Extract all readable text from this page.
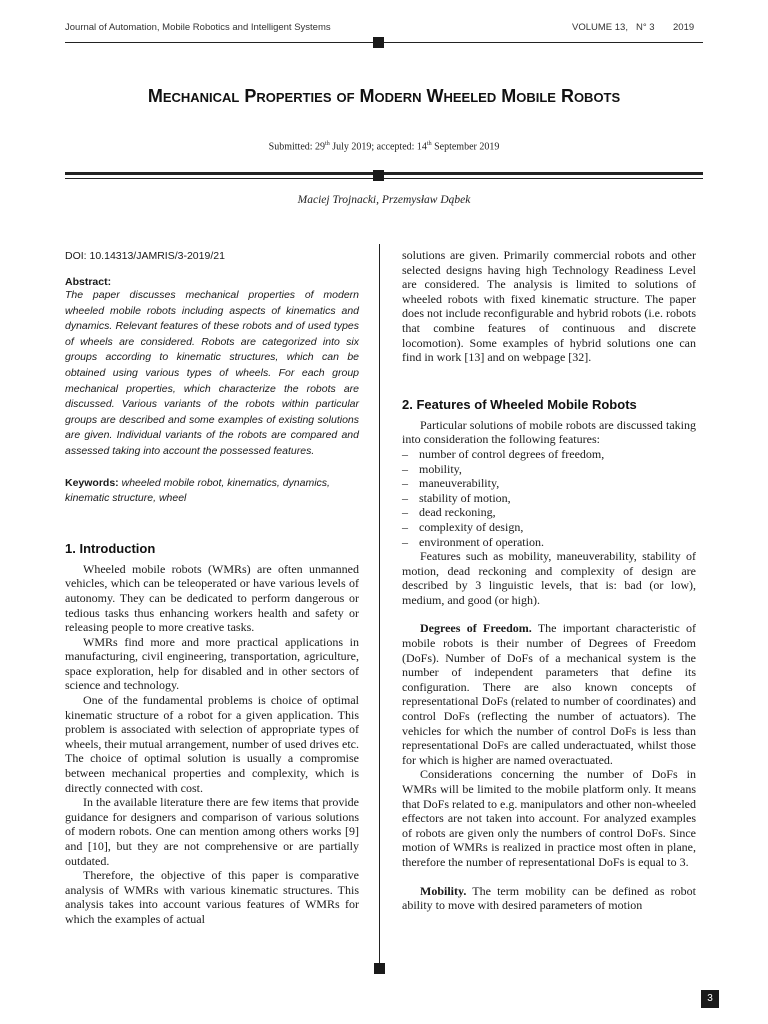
Journal of Automation, Mobile Robotics and Intelligent Systems	VOLUME 13, N° 3 2019
Mechanical Properties of Modern Wheeled Mobile Robots
Submitted: 29th July 2019; accepted: 14th September 2019
Maciej Trojnacki, Przemysław Dąbek
DOI: 10.14313/JAMRIS/3-2019/21

Abstract:

The paper discusses mechanical properties of modern wheeled mobile robots including aspects of kinematics and dynamics. Relevant features of these robots and of used types of wheels are considered. Robots are categorized into six groups according to kinematic structures, which can be obtained using various types of wheels. For each group mechanical properties, which characterize the robots are discussed. Various variants of the robots within particular groups are described and some examples of existing solutions are given. Individual variants of the robots are compared and assessed taking into account the possessed features.

Keywords: wheeled mobile robot, kinematics, dynamics, kinematic structure, wheel

1. Introduction

Wheeled mobile robots (WMRs) are often unmanned vehicles, which can be teleoperated or have various levels of autonomy. They can be dedicated to perform dangerous or tedious tasks thus enhancing workers health and safety or releasing people to more creative tasks.

WMRs find more and more practical applications in manufacturing, civil engineering, transportation, agriculture, space exploration, help for disabled and in other sectors of science and technology.

One of the fundamental problems is choice of optimal kinematic structure of a robot for a given application. This problem is associated with selection of appropriate types of wheels, their mutual arrangement, number of used drives etc. The choice of optimal solution is usually a compromise between mechanical properties and complexity, which is directly connected with cost.

In the available literature there are few items that provide guidance for designers and comparison of various solutions of modern robots. One can mention among others works [9] and [10], but they are not comprehensive or are partially outdated.

Therefore, the objective of this paper is comparative analysis of WMRs with various kinematic structures. This analysis takes into account various features of WMRs for which the examples of actual

solutions are given. Primarily commercial robots and other selected designs having high Technology Readiness Level are considered. The analysis is limited to solutions of wheeled robots with fixed kinematic structure. The paper does not include reconfigurable and hybrid robots (i.e. robots that combine features of continuous and discrete locomotion). Some examples of hybrid solutions one can find in work [13] and on webpage [32].

2. Features of Wheeled Mobile Robots

Particular solutions of mobile robots are discussed taking into consideration the following features:

– number of control degrees of freedom,
– mobility,
– maneuverability,
– stability of motion,
– dead reckoning,
– complexity of design,
– environment of operation.

Features such as mobility, maneuverability, stability of motion, dead reckoning and complexity of design are described by 3 linguistic levels, that is: bad (or low), medium, and good (or high).

Degrees of Freedom. The important characteristic of mobile robots is their number of Degrees of Freedom (DoFs). Number of DoFs of a mechanical system is the number of independent parameters that define its configuration. There are also known concepts of representational DoFs (related to number of coordinates) and control DoFs (reflecting the number of actuators). The vehicles for which the number of control DoFs is less than representational DoFs are called underactuated, whilst those for which is higher are named overactuated.

Considerations concerning the number of DoFs in WMRs will be limited to the mobile platform only. It means that DoFs related to e.g. manipulators and other non-wheeled effectors are not taken into account. For analyzed examples of robots are given only the numbers of control DoFs. Since motion of WMRs is realized in practice most often in plane, therefore the number of representational DoFs is equal to 3.

Mobility. The term mobility can be defined as robot ability to move with desired parameters of motion

3
